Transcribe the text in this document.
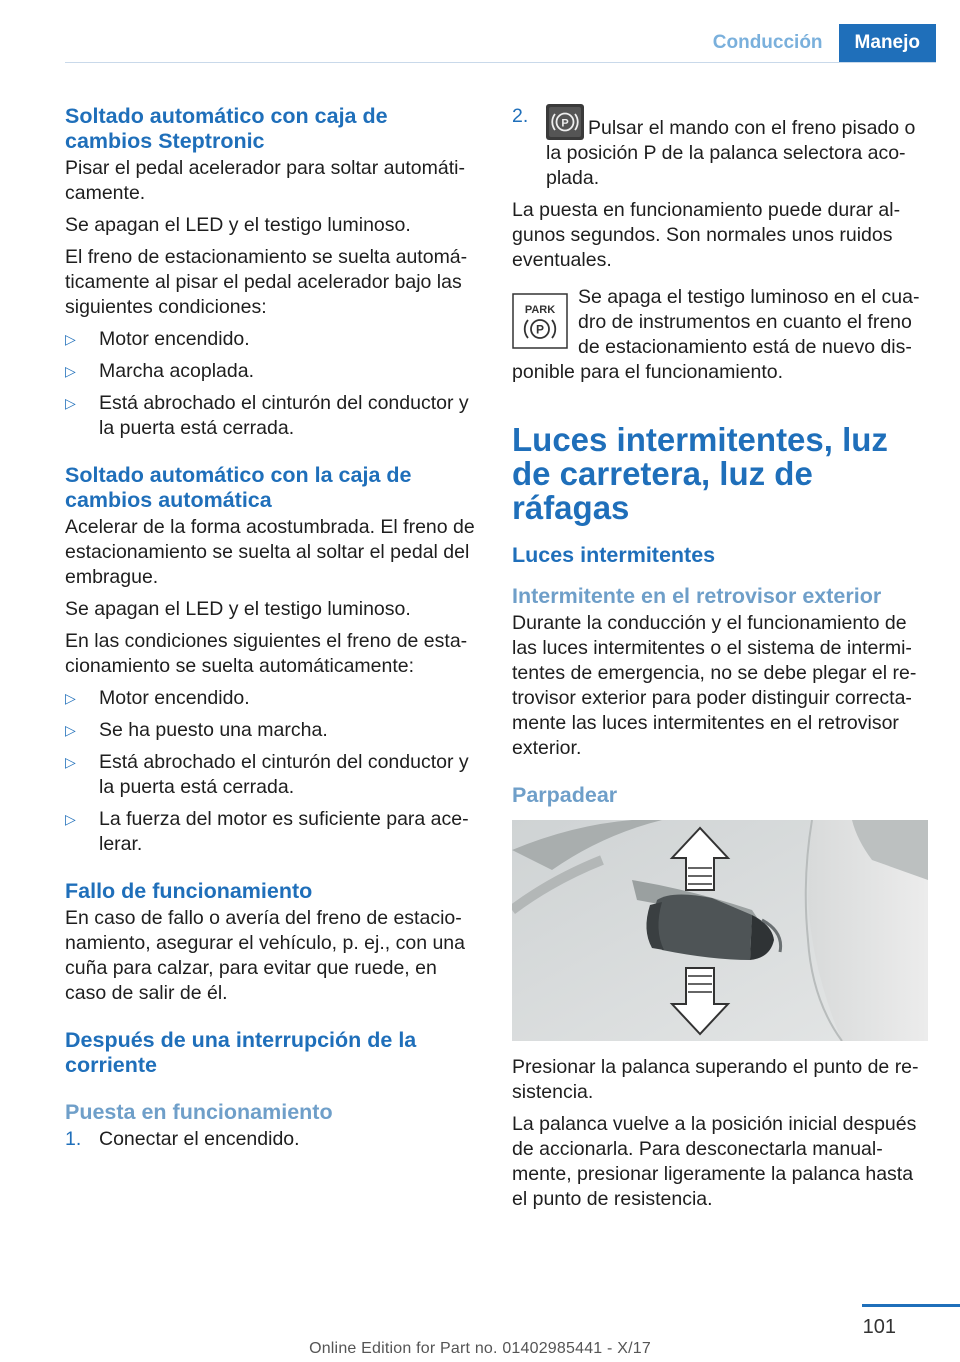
Conducción	Manejo
Soltado automático con caja de cambios Steptronic

Pisar el pedal acelerador para soltar automáti‐camente.

Se apagan el LED y el testigo luminoso.

El freno de estacionamiento se suelta automá‐ticamente al pisar el pedal acelerador bajo las siguientes condiciones:

▷ Motor encendido.
▷ Marcha acoplada.
▷ Está abrochado el cinturón del conductor y la puerta está cerrada.
Soltado automático con la caja de cambios automática

Acelerar de la forma acostumbrada. El freno de estacionamiento se suelta al soltar el pedal del embrague.

Se apagan el LED y el testigo luminoso.

En las condiciones siguientes el freno de esta‐cionamiento se suelta automáticamente:

▷ Motor encendido.
▷ Se ha puesto una marcha.
▷ Está abrochado el cinturón del conductor y la puerta está cerrada.
▷ La fuerza del motor es suficiente para ace‐lerar.
Fallo de funcionamiento

En caso de fallo o avería del freno de estacio‐namiento, asegurar el vehículo, p. ej., con una cuña para calzar, para evitar que ruede, en caso de salir de él.

Después de una interrupción de la corriente
Puesta en funcionamiento
1. Conectar el encendido.
2.	P Pulsar el mando con el freno pisado o la posición P de la palanca selectora aco‐plada.

La puesta en funcionamiento puede durar al‐gunos segundos. Son normales unos ruidos eventuales.

PARK
P
Se apaga el testigo luminoso en el cua‐dro de instrumentos en cuanto el freno de estacionamiento está de nuevo dis‐ponible para el funcionamiento.
Luces intermitentes, luz de carretera, luz de ráfagas
Luces intermitentes
Intermitente en el retrovisor exterior

Durante la conducción y el funcionamiento de las luces intermitentes o el sistema de intermi‐tentes de emergencia, no se debe plegar el re‐trovisor exterior para poder distinguir correcta‐mente las luces intermitentes en el retrovisor exterior.

Parpadear

Presionar la palanca superando el punto de re‐sistencia.

La palanca vuelve a la posición inicial después de accionarla. Para desconectarla manual‐mente, presionar ligeramente la palanca hasta el punto de resistencia.

101
Online Edition for Part no. 01402985441 - X/17
